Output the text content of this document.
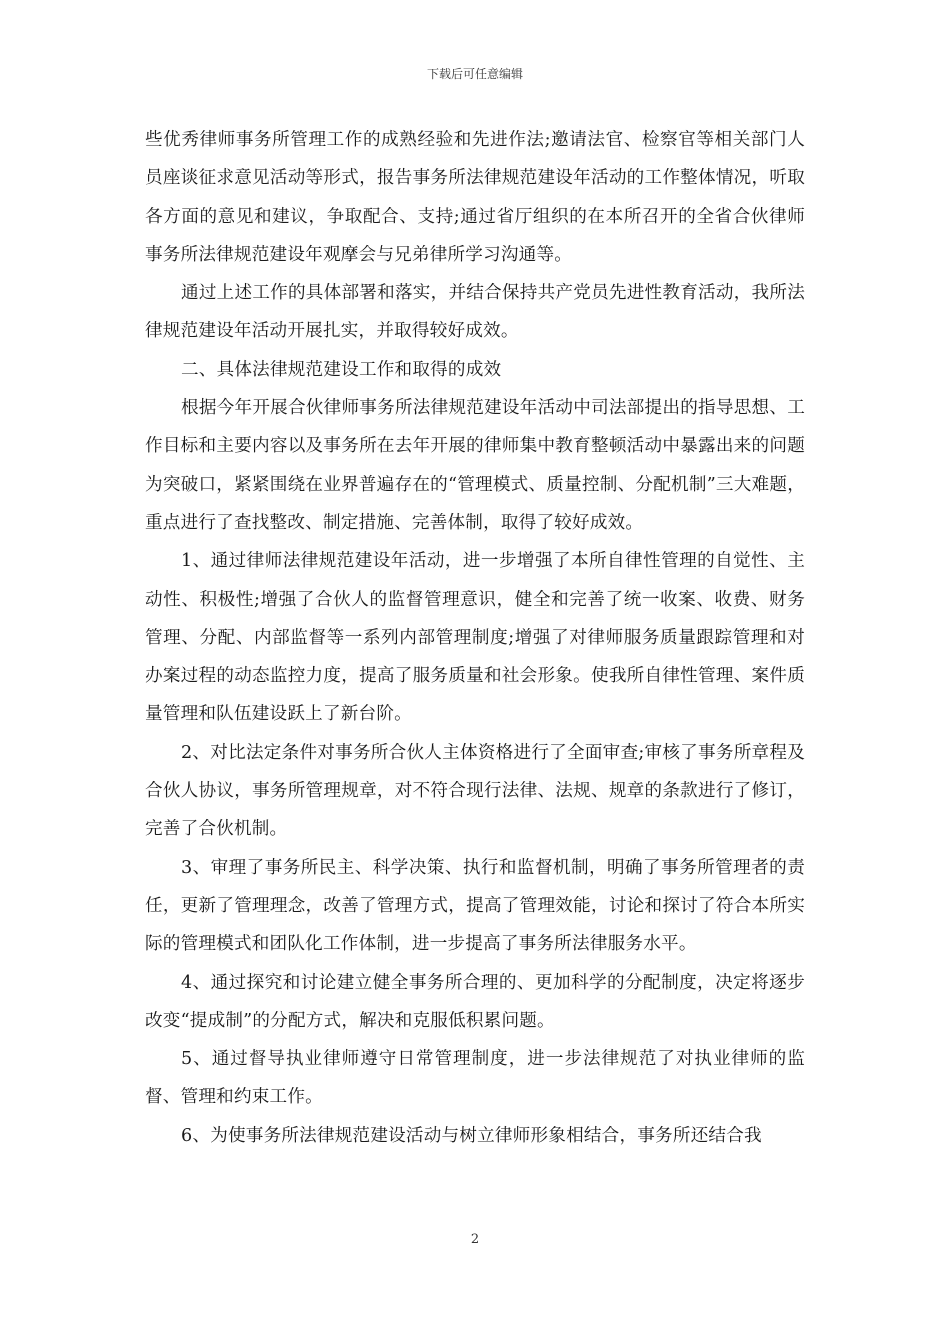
下载后可任意编辑

些优秀律师事务所管理工作的成熟经验和先进作法;邀请法官、检察官等相关部门人员座谈征求意见活动等形式，报告事务所法律规范建设年活动的工作整体情况，听取各方面的意见和建议，争取配合、支持;通过省厅组织的在本所召开的全省合伙律师事务所法律规范建设年观摩会与兄弟律所学习沟通等。

通过上述工作的具体部署和落实，并结合保持共产党员先进性教育活动，我所法律规范建设年活动开展扎实，并取得较好成效。

二、具体法律规范建设工作和取得的成效

根据今年开展合伙律师事务所法律规范建设年活动中司法部提出的指导思想、工作目标和主要内容以及事务所在去年开展的律师集中教育整顿活动中暴露出来的问题为突破口，紧紧围绕在业界普遍存在的“管理模式、质量控制、分配机制”三大难题，重点进行了查找整改、制定措施、完善体制，取得了较好成效。

1、通过律师法律规范建设年活动，进一步增强了本所自律性管理的自觉性、主动性、积极性;增强了合伙人的监督管理意识，健全和完善了统一收案、收费、财务管理、分配、内部监督等一系列内部管理制度;增强了对律师服务质量跟踪管理和对办案过程的动态监控力度，提高了服务质量和社会形象。使我所自律性管理、案件质量管理和队伍建设跃上了新台阶。

2、对比法定条件对事务所合伙人主体资格进行了全面审查;审核了事务所章程及合伙人协议，事务所管理规章，对不符合现行法律、法规、规章的条款进行了修订，完善了合伙机制。

3、审理了事务所民主、科学决策、执行和监督机制，明确了事务所管理者的责任，更新了管理理念，改善了管理方式，提高了管理效能，讨论和探讨了符合本所实际的管理模式和团队化工作体制，进一步提高了事务所法律服务水平。

4、通过探究和讨论建立健全事务所合理的、更加科学的分配制度，决定将逐步改变“提成制”的分配方式，解决和克服低积累问题。

5、通过督导执业律师遵守日常管理制度，进一步法律规范了对执业律师的监督、管理和约束工作。

6、为使事务所法律规范建设活动与树立律师形象相结合，事务所还结合我

2
